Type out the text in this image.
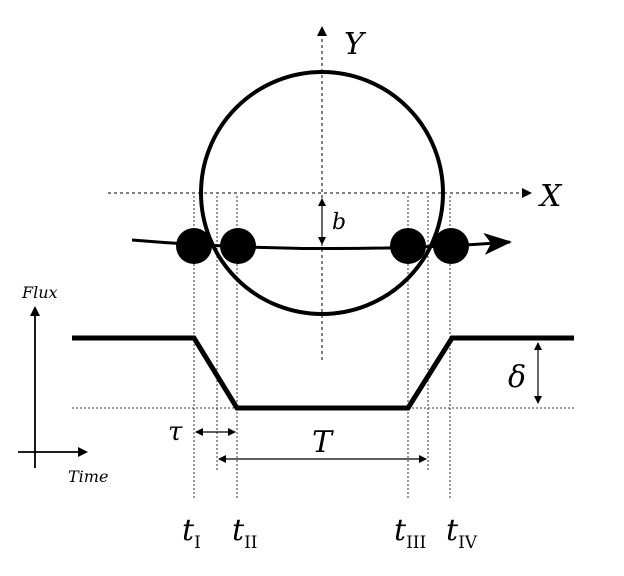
Y
X
b
Flux
Time
δ
τ	T
tI tII	tIII tIV
